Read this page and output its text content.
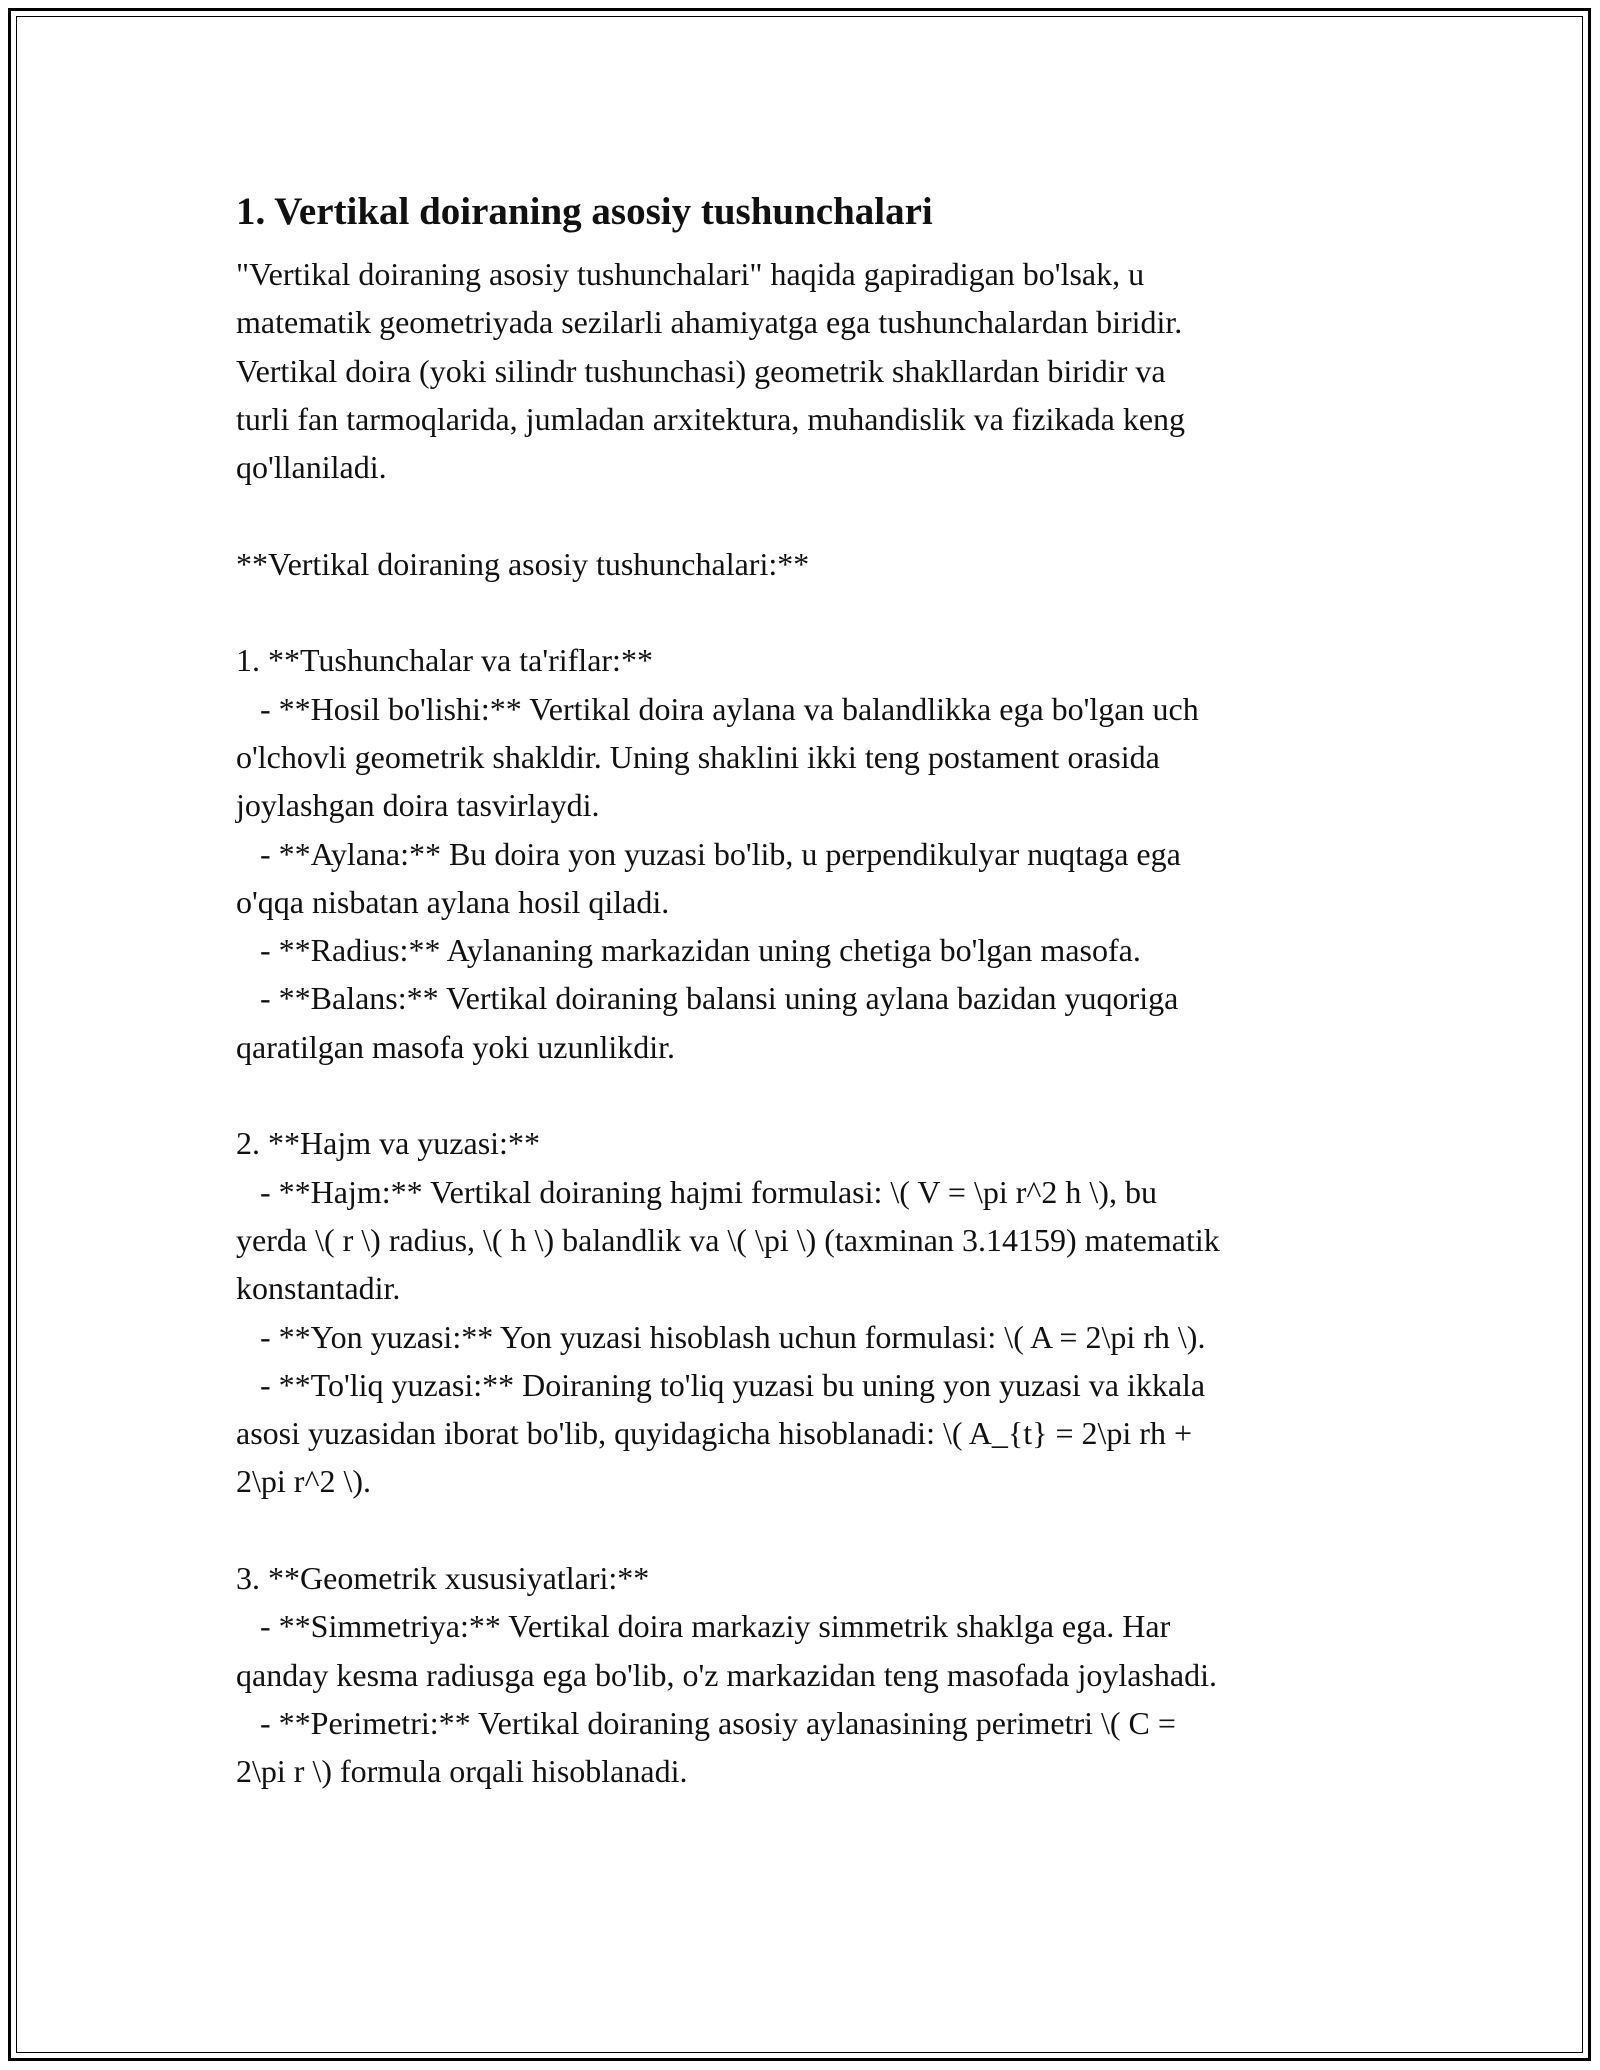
1. Vertikal doiraning asosiy tushunchalari

"Vertikal doiraning asosiy tushunchalari" haqida gapiradigan bo'lsak, u
matematik geometriyada sezilarli ahamiyatga ega tushunchalardan biridir.
Vertikal doira (yoki silindr tushunchasi) geometrik shakllardan biridir va
turli fan tarmoqlarida, jumladan arxitektura, muhandislik va fizikada keng
qo'llaniladi.

**Vertikal doiraning asosiy tushunchalari:**

1. **Tushunchalar va ta'riflar:**
- **Hosil bo'lishi:** Vertikal doira aylana va balandlikka ega bo'lgan uch
o'lchovli geometrik shakldir. Uning shaklini ikki teng postament orasida
joylashgan doira tasvirlaydi.
- **Aylana:** Bu doira yon yuzasi bo'lib, u perpendikulyar nuqtaga ega
o'qqa nisbatan aylana hosil qiladi.
- **Radius:** Aylananing markazidan uning chetiga bo'lgan masofa.
- **Balans:** Vertikal doiraning balansi uning aylana bazidan yuqoriga
qaratilgan masofa yoki uzunlikdir.

2. **Hajm va yuzasi:**
- **Hajm:** Vertikal doiraning hajmi formulasi: \( V = \pi r^2 h \), bu
yerda \( r \) radius, \( h \) balandlik va \( \pi \) (taxminan 3.14159) matematik
konstantadir.
- **Yon yuzasi:** Yon yuzasi hisoblash uchun formulasi: \( A = 2\pi rh \).
- **To'liq yuzasi:** Doiraning to'liq yuzasi bu uning yon yuzasi va ikkala
asosi yuzasidan iborat bo'lib, quyidagicha hisoblanadi: \( A_{t} = 2\pi rh +
2\pi r^2 \).

3. **Geometrik xususiyatlari:**
- **Simmetriya:** Vertikal doira markaziy simmetrik shaklga ega. Har
qanday kesma radiusga ega bo'lib, o'z markazidan teng masofada joylashadi.
- **Perimetri:** Vertikal doiraning asosiy aylanasining perimetri \( C =
2\pi r \) formula orqali hisoblanadi.
